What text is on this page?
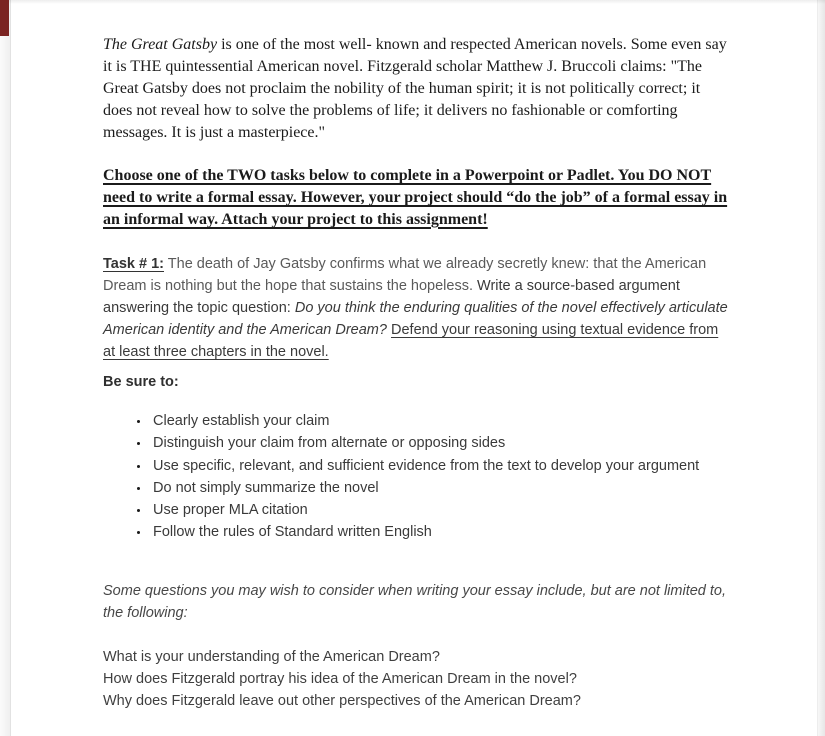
The Great Gatsby is one of the most well- known and respected American novels. Some even say it is THE quintessential American novel. Fitzgerald scholar Matthew J. Bruccoli claims: "The Great Gatsby does not proclaim the nobility of the human spirit; it is not politically correct; it does not reveal how to solve the problems of life; it delivers no fashionable or comforting messages. It is just a masterpiece."

Choose one of the TWO tasks below to complete in a Powerpoint or Padlet. You DO NOT need to write a formal essay. However, your project should “do the job” of a formal essay in an informal way. Attach your project to this assignment!

Task # 1: The death of Jay Gatsby confirms what we already secretly knew: that the American Dream is nothing but the hope that sustains the hopeless. Write a source-based argument answering the topic question: Do you think the enduring qualities of the novel effectively articulate American identity and the American Dream? Defend your reasoning using textual evidence from at least three chapters in the novel.

Be sure to:

• Clearly establish your claim
• Distinguish your claim from alternate or opposing sides
• Use specific, relevant, and sufficient evidence from the text to develop your argument
• Do not simply summarize the novel
• Use proper MLA citation
• Follow the rules of Standard written English

Some questions you may wish to consider when writing your essay include, but are not limited to, the following:

What is your understanding of the American Dream?

How does Fitzgerald portray his idea of the American Dream in the novel?

Why does Fitzgerald leave out other perspectives of the American Dream?
